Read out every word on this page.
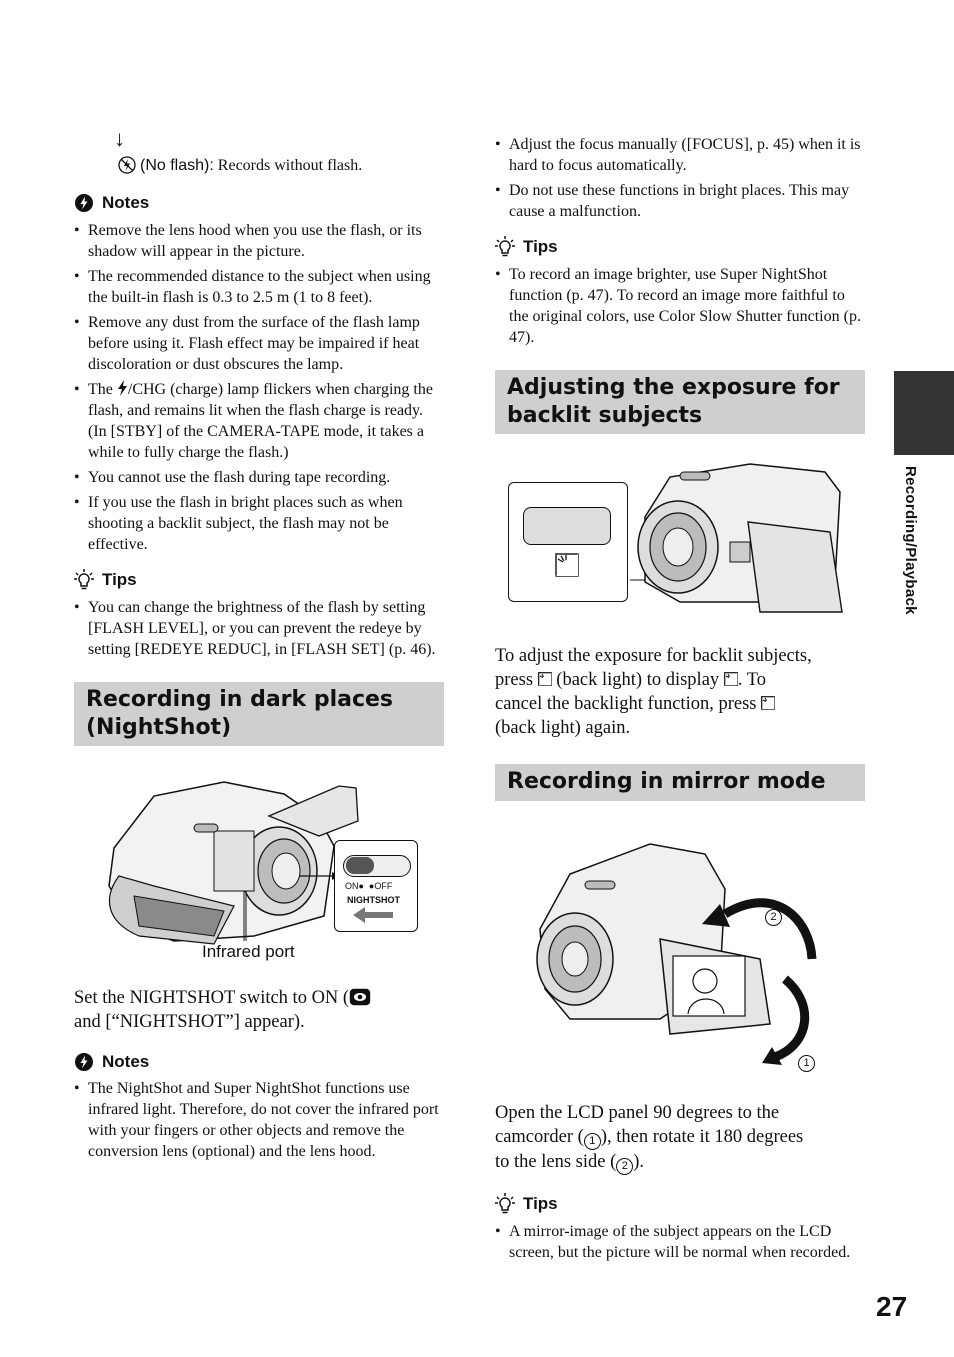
↓
(No flash): Records without flash.
Notes
• Remove the lens hood when you use the flash, or its shadow will appear in the picture.
• The recommended distance to the subject when using the built-in flash is 0.3 to 2.5 m (1 to 8 feet).
• Remove any dust from the surface of the flash lamp before using it. Flash effect may be impaired if heat discoloration or dust obscures the lamp.
• The /CHG (charge) lamp flickers when charging the flash, and remains lit when the flash charge is ready. (In [STBY] of the CAMERA-TAPE mode, it takes a while to fully charge the flash.)
• You cannot use the flash during tape recording.
• If you use the flash in bright places such as when shooting a backlit subject, the flash may not be effective.
Tips
• You can change the brightness of the flash by setting [FLASH LEVEL], or you can prevent the redeye by setting [REDEYE REDUC], in [FLASH SET] (p. 46).
Recording in dark places
(NightShot)
ON●  ●OFF
NIGHTSHOT
Infrared port
Set the NIGHTSHOT switch to ON (
and [“NIGHTSHOT”] appear).
Notes
• The NightShot and Super NightShot functions use infrared light. Therefore, do not cover the infrared port with your fingers or other objects and remove the conversion lens (optional) and the lens hood.
• Adjust the focus manually ([FOCUS], p. 45) when it is hard to focus automatically.
• Do not use these functions in bright places. This may cause a malfunction.
Tips
• To record an image brighter, use Super NightShot function (p. 47). To record an image more faithful to the original colors, use Color Slow Shutter function (p. 47).
Adjusting the exposure for
backlit subjects
To adjust the exposure for backlit subjects,
press (back light) to display . To
cancel the backlight function, press
(back light) again.
Recording in mirror mode
2
1
Open the LCD panel 90 degrees to the
camcorder ( 1 ), then rotate it 180 degrees
to the lens side ( 2 ).
Tips
• A mirror-image of the subject appears on the LCD screen, but the picture will be normal when recorded.
Recording/Playback
27
